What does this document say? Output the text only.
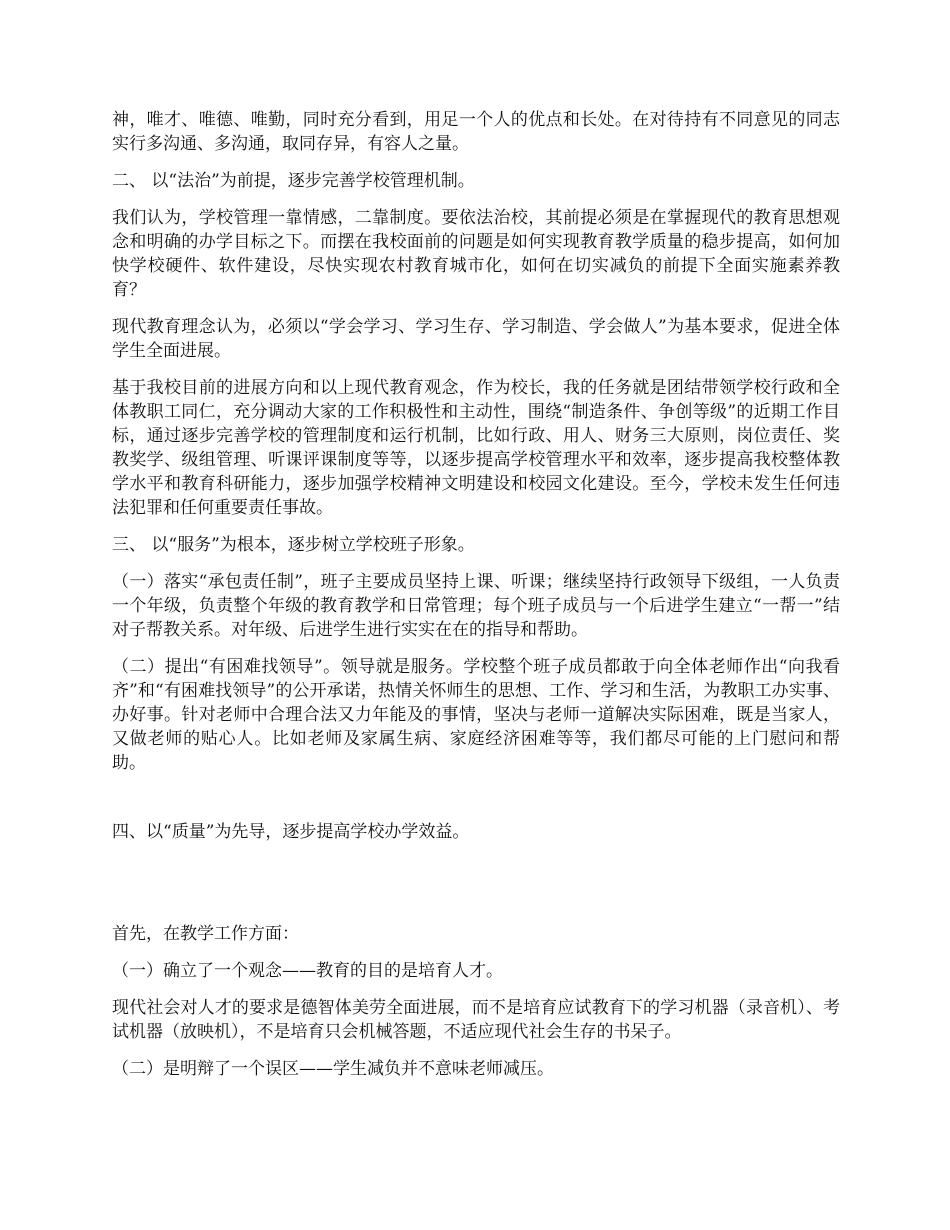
神，唯才、唯德、唯勤，同时充分看到，用足一个人的优点和长处。在对待持有不同意见的同志实行多沟通、多沟通，取同存异，有容人之量。

二、 以“法治”为前提，逐步完善学校管理机制。

我们认为，学校管理一靠情感，二靠制度。要依法治校，其前提必须是在掌握现代的教育思想观念和明确的办学目标之下。而摆在我校面前的问题是如何实现教育教学质量的稳步提高，如何加快学校硬件、软件建设，尽快实现农村教育城市化，如何在切实减负的前提下全面实施素养教育？

现代教育理念认为，必须以“学会学习、学习生存、学习制造、学会做人”为基本要求，促进全体学生全面进展。

基于我校目前的进展方向和以上现代教育观念，作为校长，我的任务就是团结带领学校行政和全体教职工同仁，充分调动大家的工作积极性和主动性，围绕“制造条件、争创等级”的近期工作目标，通过逐步完善学校的管理制度和运行机制，比如行政、用人、财务三大原则，岗位责任、奖教奖学、级组管理、听课评课制度等等，以逐步提高学校管理水平和效率，逐步提高我校整体教学水平和教育科研能力，逐步加强学校精神文明建设和校园文化建设。至今，学校未发生任何违法犯罪和任何重要责任事故。

三、 以“服务”为根本，逐步树立学校班子形象。

（一）落实“承包责任制”，班子主要成员坚持上课、听课；继续坚持行政领导下级组，一人负责一个年级，负责整个年级的教育教学和日常管理；每个班子成员与一个后进学生建立“一帮一”结对子帮教关系。对年级、后进学生进行实实在在的指导和帮助。

（二）提出“有困难找领导”。领导就是服务。学校整个班子成员都敢于向全体老师作出“向我看齐”和“有困难找领导”的公开承诺，热情关怀师生的思想、工作、学习和生活，为教职工办实事、办好事。针对老师中合理合法又力年能及的事情，坚决与老师一道解决实际困难，既是当家人，又做老师的贴心人。比如老师及家属生病、家庭经济困难等等，我们都尽可能的上门慰问和帮助。

四、以“质量”为先导，逐步提高学校办学效益。

首先，在教学工作方面：

（一）确立了一个观念——教育的目的是培育人才。

现代社会对人才的要求是德智体美劳全面进展，而不是培育应试教育下的学习机器（录音机）、考试机器（放映机），不是培育只会机械答题，不适应现代社会生存的书呆子。

（二）是明辩了一个误区——学生减负并不意味老师减压。
